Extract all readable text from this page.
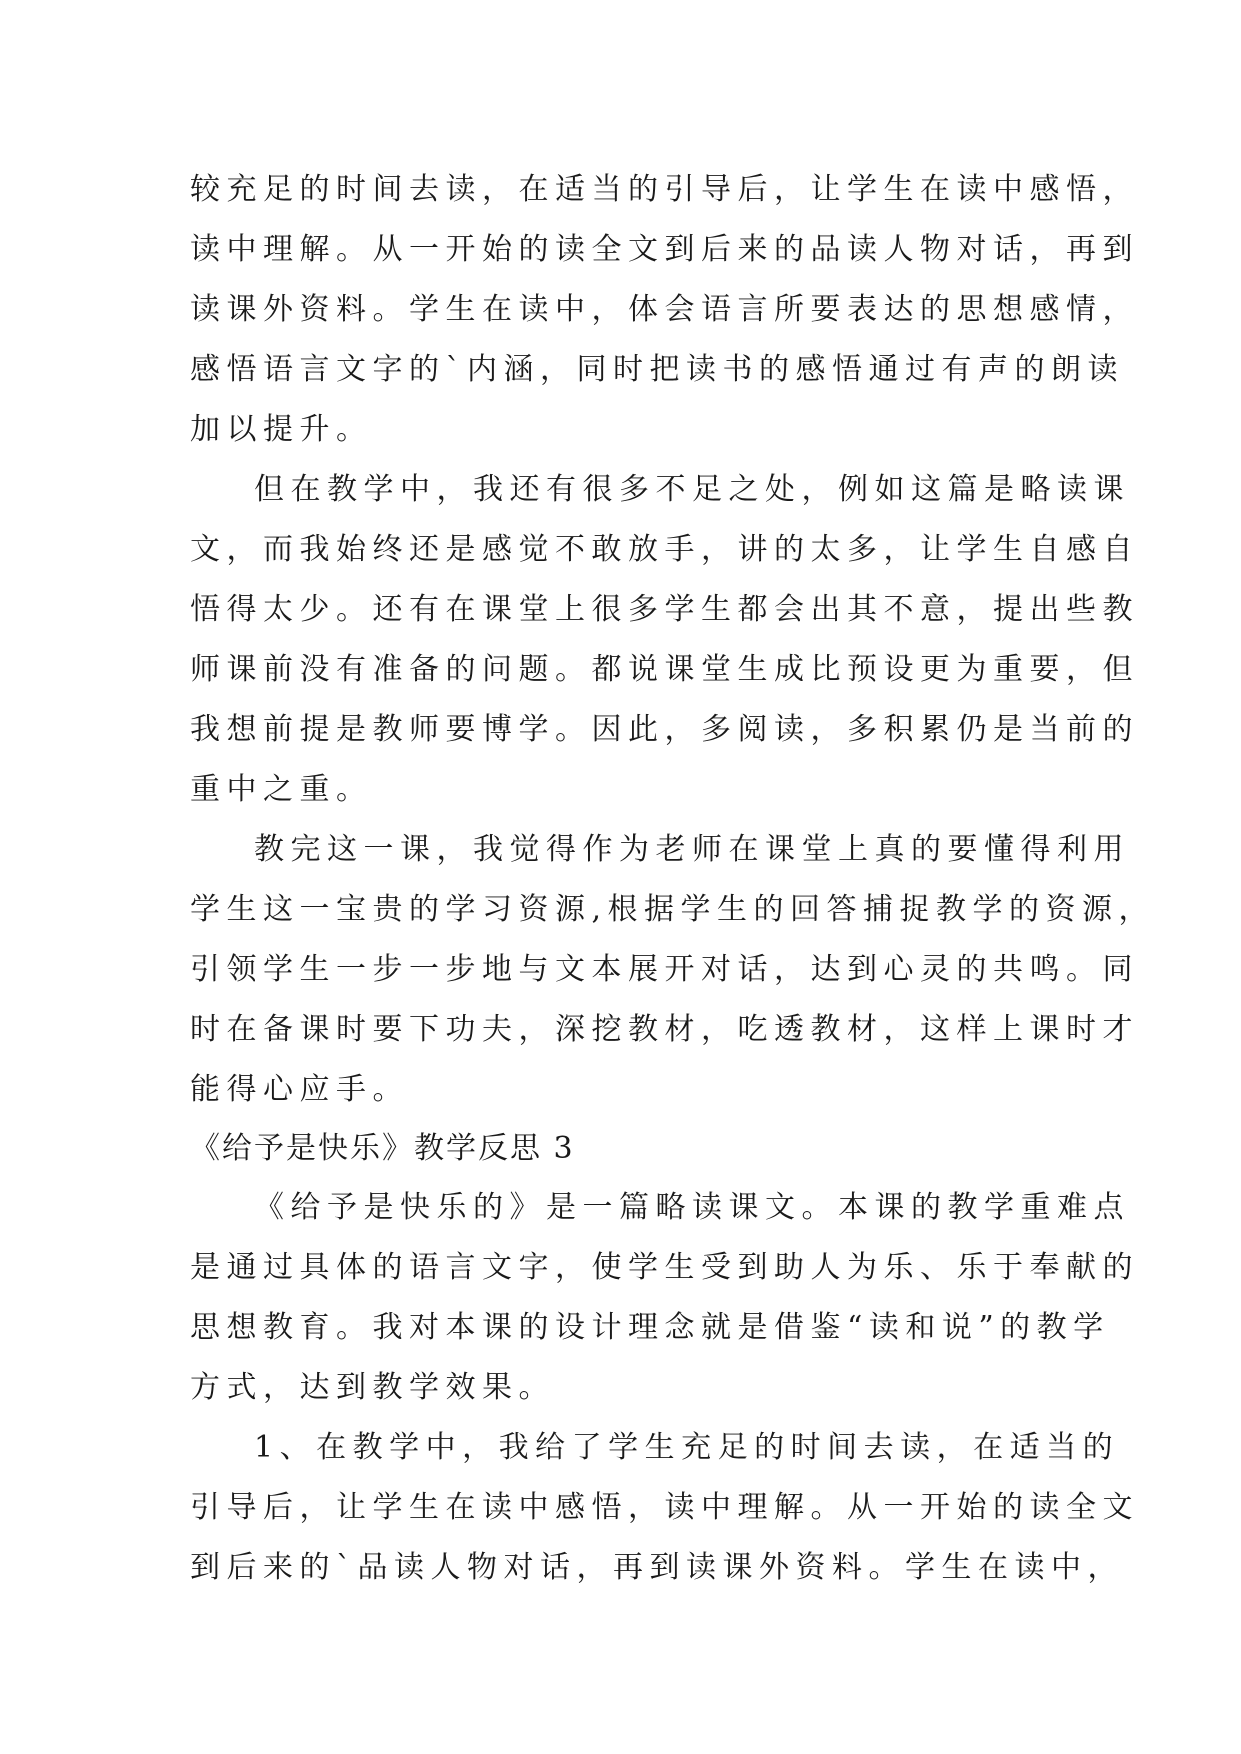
较充足的时间去读，在适当的引导后，让学生在读中感悟，
读中理解。从一开始的读全文到后来的品读人物对话，再到
读课外资料。学生在读中，体会语言所要表达的思想感情，
感悟语言文字的`内涵，同时把读书的感悟通过有声的朗读
加以提升。
但在教学中，我还有很多不足之处，例如这篇是略读课
文，而我始终还是感觉不敢放手，讲的太多，让学生自感自
悟得太少。还有在课堂上很多学生都会出其不意，提出些教
师课前没有准备的问题。都说课堂生成比预设更为重要，但
我想前提是教师要博学。因此，多阅读，多积累仍是当前的
重中之重。
教完这一课，我觉得作为老师在课堂上真的要懂得利用
学生这一宝贵的学习资源,根据学生的回答捕捉教学的资源，
引领学生一步一步地与文本展开对话，达到心灵的共鸣。同
时在备课时要下功夫，深挖教材，吃透教材，这样上课时才
能得心应手。
《给予是快乐》教学反思 3
《给予是快乐的》是一篇略读课文。本课的教学重难点
是通过具体的语言文字，使学生受到助人为乐、乐于奉献的
思想教育。我对本课的设计理念就是借鉴“读和说”的教学
方式，达到教学效果。
1、在教学中，我给了学生充足的时间去读，在适当的
引导后，让学生在读中感悟，读中理解。从一开始的读全文
到后来的`品读人物对话，再到读课外资料。学生在读中，
